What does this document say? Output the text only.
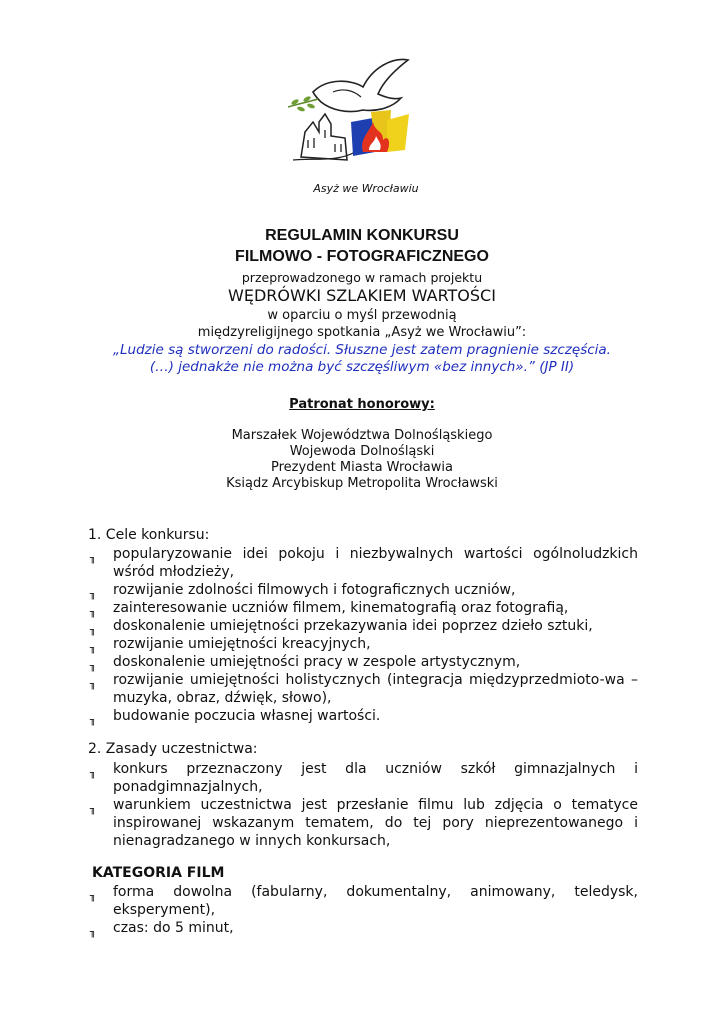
Asyż we Wrocławiu
REGULAMIN KONKURSU
FILMOWO - FOTOGRAFICZNEGO
przeprowadzonego w ramach projektu
WĘDRÓWKI SZLAKIEM WARTOŚCI
w oparciu o myśl przewodnią
międzyreligijnego spotkania „Asyż we Wrocławiu”:
„Ludzie są stworzeni do radości. Słuszne jest zatem pragnienie szczęścia.
(…) jednakże nie można być szczęśliwym «bez innych».” (JP II)
Patronat honorowy:
Marszałek Województwa Dolnośląskiego
Wojewoda Dolnośląski
Prezydent Miasta Wrocławia
Ksiądz Arcybiskup Metropolita Wrocławski
1. Cele konkursu:
╖ popularyzowanie idei pokoju i niezbywalnych wartości ogólnoludzkich wśród młodzieży,
╖ rozwijanie zdolności filmowych i fotograficznych uczniów,
╖ zainteresowanie uczniów filmem, kinematografią oraz fotografią,
╖ doskonalenie umiejętności przekazywania idei poprzez dzieło sztuki,
╖ rozwijanie umiejętności kreacyjnych,
╖ doskonalenie umiejętności pracy w zespole artystycznym,
╖ rozwijanie umiejętności holistycznych (integracja międzyprzedmioto-wa – muzyka, obraz, dźwięk, słowo),
╖ budowanie poczucia własnej wartości.
2. Zasady uczestnictwa:
╖ konkurs przeznaczony jest dla uczniów szkół gimnazjalnych i ponadgimnazjalnych,
╖ warunkiem uczestnictwa jest przesłanie filmu lub zdjęcia o tematyce inspirowanej wskazanym tematem, do tej pory nieprezentowanego i nienagradzanego w innych konkursach,
KATEGORIA FILM
╖ forma dowolna (fabularny, dokumentalny, animowany, teledysk, eksperyment),
╖ czas: do 5 minut,
